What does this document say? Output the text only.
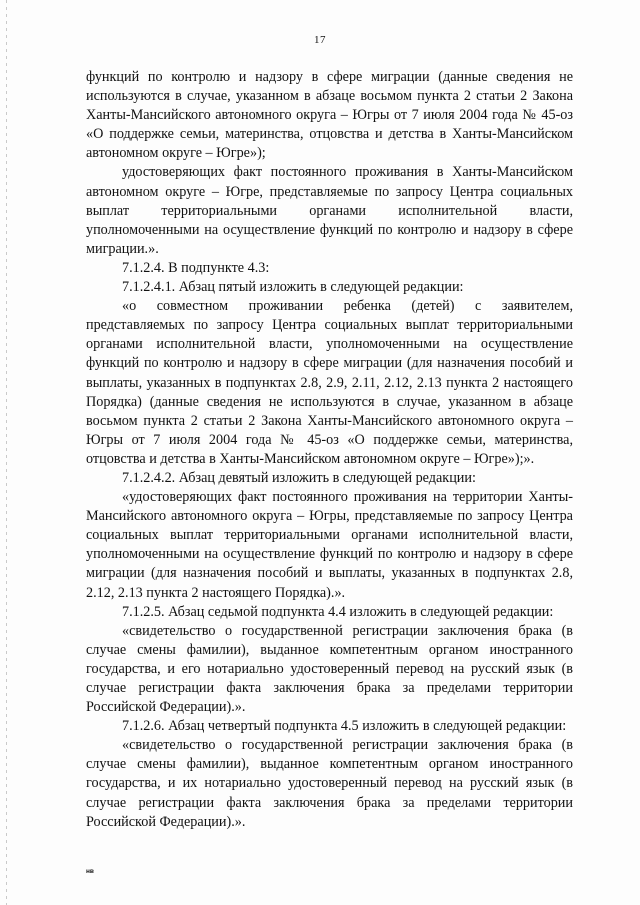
17

функций по контролю и надзору в сфере миграции (данные сведения не используются в случае, указанном в абзаце восьмом пункта 2 статьи 2 Закона Ханты-Мансийского автономного округа – Югры от 7 июля 2004 года № 45-оз «О поддержке семьи, материнства, отцовства и детства в Ханты-Мансийском автономном округе – Югре»);

удостоверяющих факт постоянного проживания в Ханты-Мансийском автономном округе – Югре, представляемые по запросу Центра социальных выплат территориальными органами исполнительной власти, уполномоченными на осуществление функций по контролю и надзору в сфере миграции.».

7.1.2.4. В подпункте 4.3:

7.1.2.4.1. Абзац пятый изложить в следующей редакции:

«о совместном проживании ребенка (детей) с заявителем, представляемых по запросу Центра социальных выплат территориальными органами исполнительной власти, уполномоченными на осуществление функций по контролю и надзору в сфере миграции (для назначения пособий и выплаты, указанных в подпунктах 2.8, 2.9, 2.11, 2.12, 2.13 пункта 2 настоящего Порядка) (данные сведения не используются в случае, указанном в абзаце восьмом пункта 2 статьи 2 Закона Ханты-Мансийского автономного округа – Югры от 7 июля 2004 года № 45-оз «О поддержке семьи, материнства, отцовства и детства в Ханты-Мансийском автономном округе – Югре»);».

7.1.2.4.2. Абзац девятый изложить в следующей редакции:

«удостоверяющих факт постоянного проживания на территории Ханты-Мансийского автономного округа – Югры, представляемые по запросу Центра социальных выплат территориальными органами исполнительной власти, уполномоченными на осуществление функций по контролю и надзору в сфере миграции (для назначения пособий и выплаты, указанных в подпунктах 2.8, 2.12, 2.13 пункта 2 настоящего Порядка).».

7.1.2.5. Абзац седьмой подпункта 4.4 изложить в следующей редакции:

«свидетельство о государственной регистрации заключения брака (в случае смены фамилии), выданное компетентным органом иностранного государства, и его нотариально удостоверенный перевод на русский язык (в случае регистрации факта заключения брака за пределами территории Российской Федерации).».

7.1.2.6. Абзац четвертый подпункта 4.5 изложить в следующей редакции:

«свидетельство о государственной регистрации заключения брака (в случае смены фамилии), выданное компетентным органом иностранного государства, и их нотариально удостоверенный перевод на русский язык (в случае регистрации факта заключения брака за пределами территории Российской Федерации).».

нв
